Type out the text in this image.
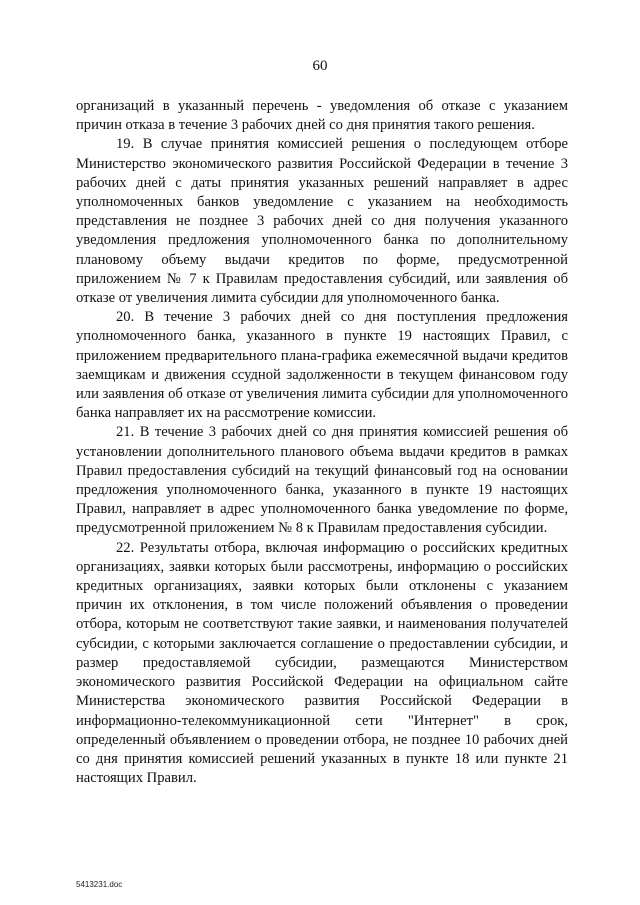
60

организаций в указанный перечень - уведомления об отказе с указанием причин отказа в течение 3 рабочих дней со дня принятия такого решения.

19. В случае принятия комиссией решения о последующем отборе Министерство экономического развития Российской Федерации в течение 3 рабочих дней с даты принятия указанных решений направляет в адрес уполномоченных банков уведомление с указанием на необходимость представления не позднее 3 рабочих дней со дня получения указанного уведомления предложения уполномоченного банка по дополнительному плановому объему выдачи кредитов по форме, предусмотренной приложением № 7 к Правилам предоставления субсидий, или заявления об отказе от увеличения лимита субсидии для уполномоченного банка.

20. В течение 3 рабочих дней со дня поступления предложения уполномоченного банка, указанного в пункте 19 настоящих Правил, с приложением предварительного плана-графика ежемесячной выдачи кредитов заемщикам и движения ссудной задолженности в текущем финансовом году или заявления об отказе от увеличения лимита субсидии для уполномоченного банка направляет их на рассмотрение комиссии.

21. В течение 3 рабочих дней со дня принятия комиссией решения об установлении дополнительного планового объема выдачи кредитов в рамках Правил предоставления субсидий на текущий финансовый год на основании предложения уполномоченного банка, указанного в пункте 19 настоящих Правил, направляет в адрес уполномоченного банка уведомление по форме, предусмотренной приложением № 8 к Правилам предоставления субсидии.

22. Результаты отбора, включая информацию о российских кредитных организациях, заявки которых были рассмотрены, информацию о российских кредитных организациях, заявки которых были отклонены с указанием причин их отклонения, в том числе положений объявления о проведении отбора, которым не соответствуют такие заявки, и наименования получателей субсидии, с которыми заключается соглашение о предоставлении субсидии, и размер предоставляемой субсидии, размещаются Министерством экономического развития Российской Федерации на официальном сайте Министерства экономического развития Российской Федерации в информационно-телекоммуникационной сети "Интернет" в срок, определенный объявлением о проведении отбора, не позднее 10 рабочих дней со дня принятия комиссией решений указанных в пункте 18 или пункте 21 настоящих Правил.

5413231.doc
